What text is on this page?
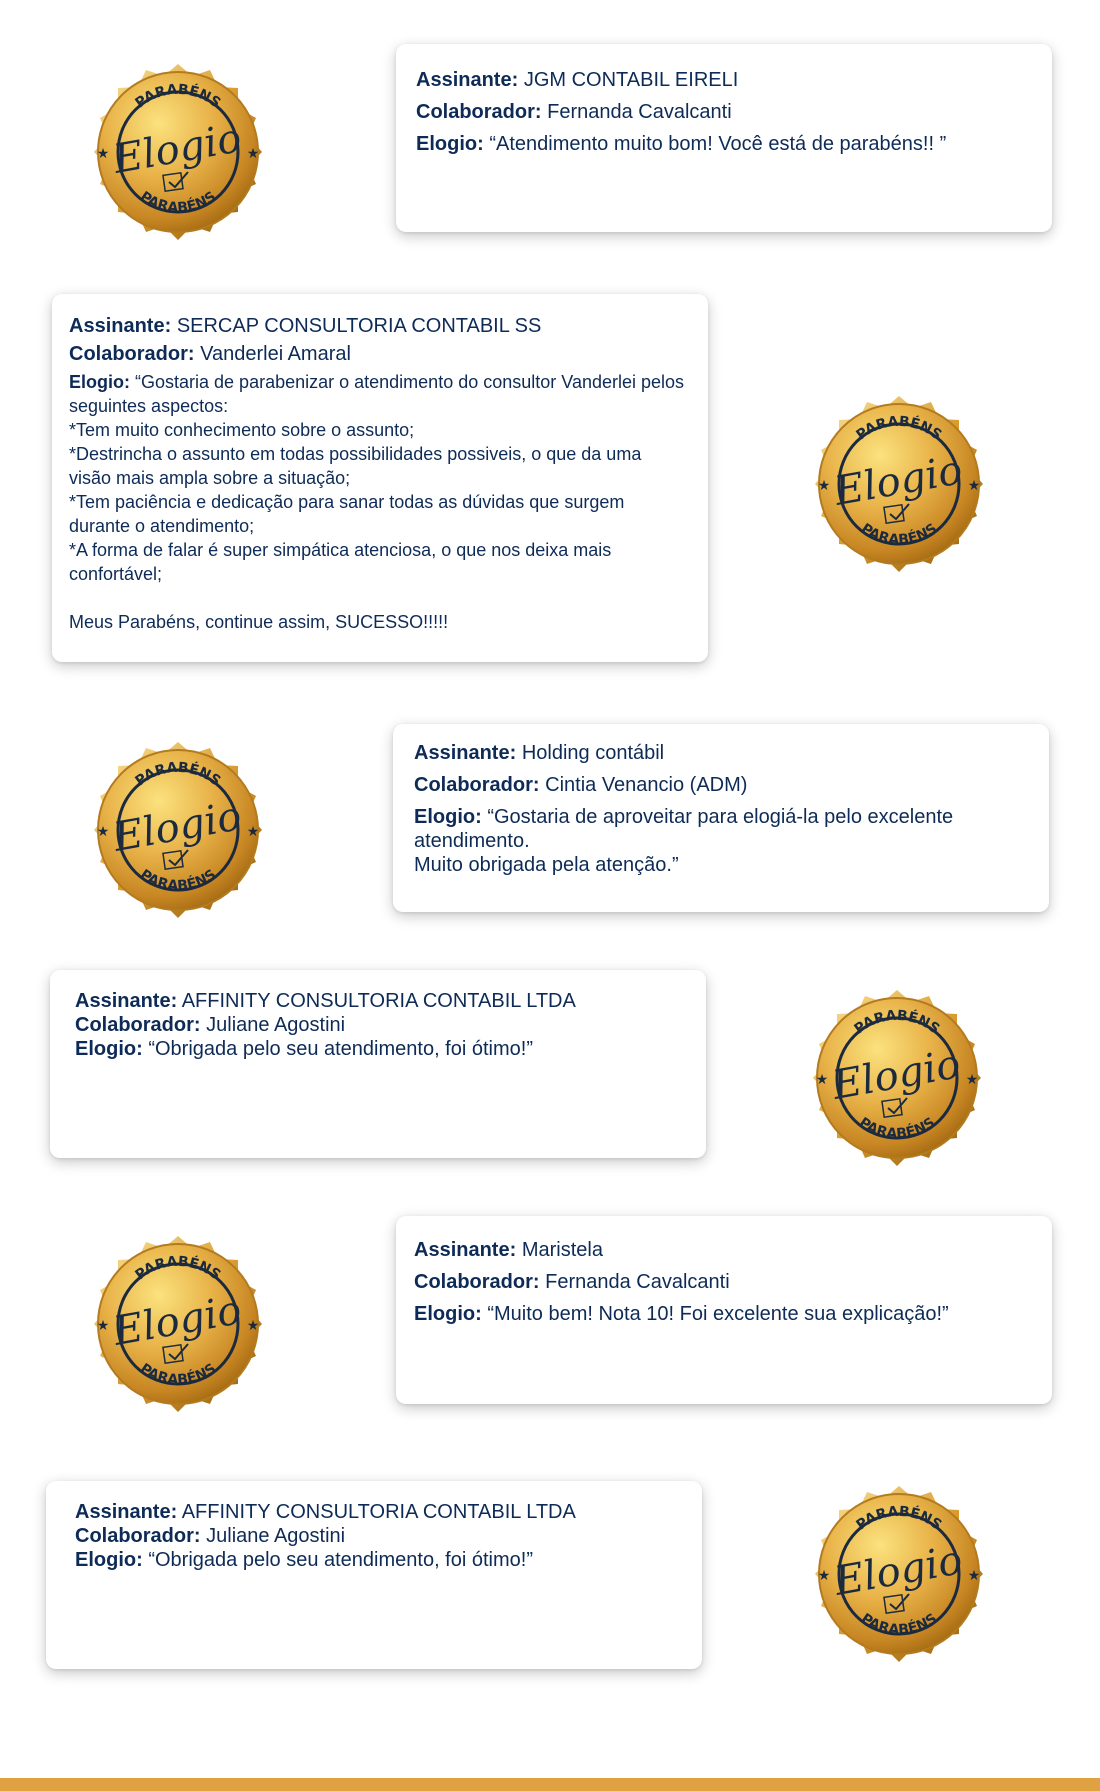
PARABÉNS
PARABÉNS
Elogio
★	★
Assinante: JGM CONTABIL EIRELI
Colaborador: Fernanda Cavalcanti
Elogio: “Atendimento muito bom! Você está de parabéns!! ”
Assinante: SERCAP CONSULTORIA CONTABIL SS
Colaborador: Vanderlei Amaral
Elogio: “Gostaria de parabenizar o atendimento do consultor Vanderlei pelos
seguintes aspectos:
*Tem muito conhecimento sobre o assunto;
*Destrincha o assunto em todas possibilidades possiveis, o que da uma
visão mais ampla sobre a situação;
*Tem paciência e dedicação para sanar todas as dúvidas que surgem
durante o atendimento;
*A forma de falar é super simpática atenciosa, o que nos deixa mais
confortável;

Meus Parabéns, continue assim, SUCESSO!!!!!
PARABÉNS
PARABÉNS
Elogio
★	★
PARABÉNS
PARABÉNS
Elogio
★	★
Assinante: Holding contábil
Colaborador: Cintia Venancio (ADM)
Elogio: “Gostaria de aproveitar para elogiá-la pelo excelente
atendimento.
Muito obrigada pela atenção.”
Assinante: AFFINITY CONSULTORIA CONTABIL LTDA
Colaborador: Juliane Agostini
Elogio: “Obrigada pelo seu atendimento, foi ótimo!”
PARABÉNS
PARABÉNS
Elogio
★	★
PARABÉNS
PARABÉNS
Elogio
★	★
Assinante: Maristela
Colaborador: Fernanda Cavalcanti
Elogio: “Muito bem! Nota 10! Foi excelente sua explicação!”
Assinante: AFFINITY CONSULTORIA CONTABIL LTDA
Colaborador: Juliane Agostini
Elogio: “Obrigada pelo seu atendimento, foi ótimo!”
PARABÉNS
PARABÉNS
Elogio
★	★
